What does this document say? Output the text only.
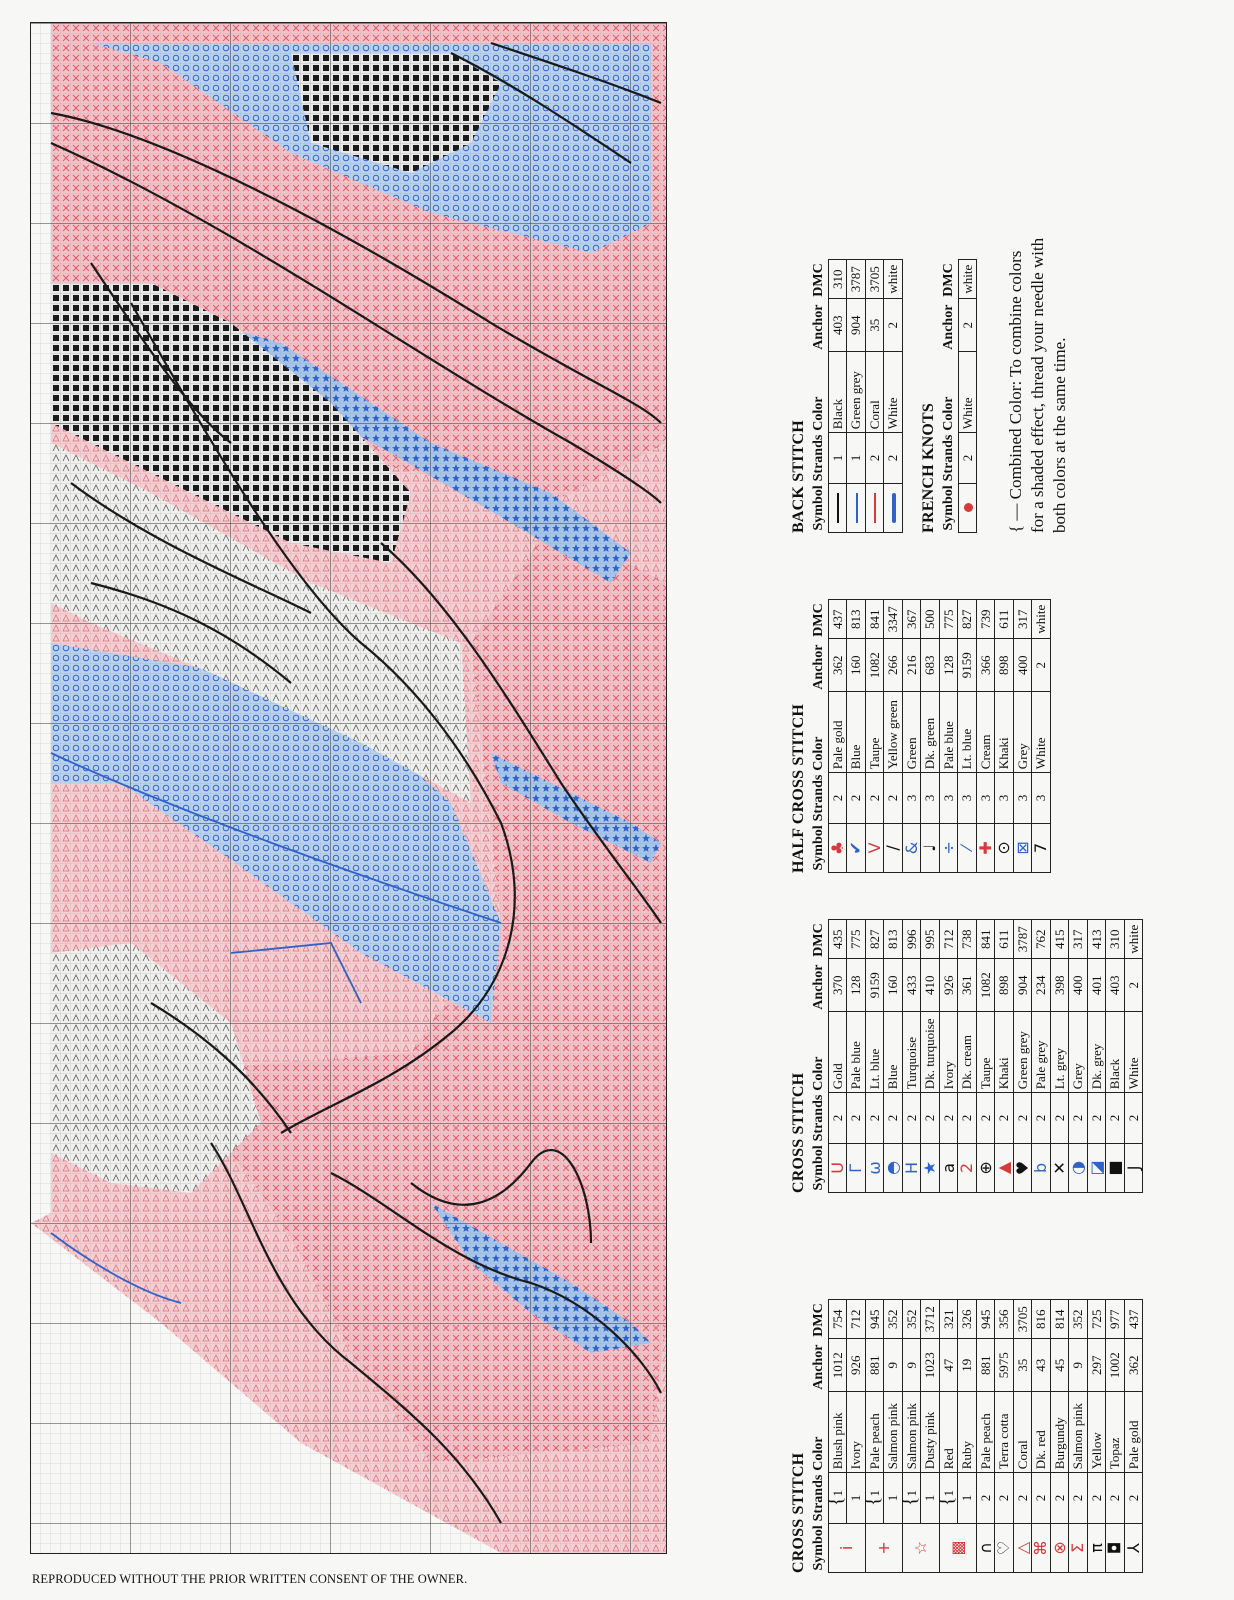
REPRODUCED WITHOUT THE PRIOR WRITTEN CONSENT OF THE OWNER.
CROSS STITCH Symbol	Strands	Color	Anchor	DMC
ⅰ	{1	Blush pink	1012	754
	1	Ivory	926	712
+	{1	Pale peach	881	945
	1	Salmon pink	9	352
☆	{1	Salmon pink	9	352
	1	Dusty pink	1023	3712
▩	{1	Red	47	321
	1	Ruby	19	326
∩	2	Pale peach	881	945
♡	2	Terra cotta	5975	356
△	2	Coral	35	3705
⌘	2	Dk. red	43	816
⊗	2	Burgundy	45	814
Σ	2	Salmon pink	9	352
π	2	Yellow	297	725
◘	2	Topaz	1002	977
⅄	2	Pale gold	362	437
CROSS STITCH Symbol	Strands	Color	Anchor	DMC
U	2	Gold	370	435
Г	2	Pale blue	128	775
ω	2	Lt. blue	9159	827
◓	2	Blue	160	813
H	2	Turquoise	433	996
★	2	Dk. turquoise	410	995
a	2	Ivory	926	712
2	2	Dk. cream	361	738
⊕	2	Taupe	1082	841
▲	2	Khaki	898	611
♥	2	Green grey	904	3787
b	2	Pale grey	234	762
✕	2	Lt. grey	398	415
◑	2	Grey	400	317
◪	2	Dk. grey	401	413
■	2	Black	403	310
J	2	White	2	white
HALF CROSS STITCH Symbol	Strands	Color	Anchor	DMC
♣	2	Pale gold	362	437
✔	2	Blue	160	813
V	2	Taupe	1082	841
/	2	Yellow green	266	3347
&	3	Green	216	367
♩	3	Dk. green	683	500
÷	3	Pale blue	128	775
⁄	3	Lt. blue	9159	827
✚	3	Cream	366	739
⊙	3	Khaki	898	611
⊠	3	Grey	400	317
7	3	White	2	white
BACK STITCH Symbol	Strands	Color	Anchor	DMC
	1	Black	403	310
	1	Green grey	904	3787
	2	Coral	35	3705
	2	White	2	white
FRENCH KNOTS Symbol	Strands	Color	Anchor	DMC
	2	White	2	white { — Combined Color: To combine colors for a shaded effect, thread your needle with both colors at the same time.
